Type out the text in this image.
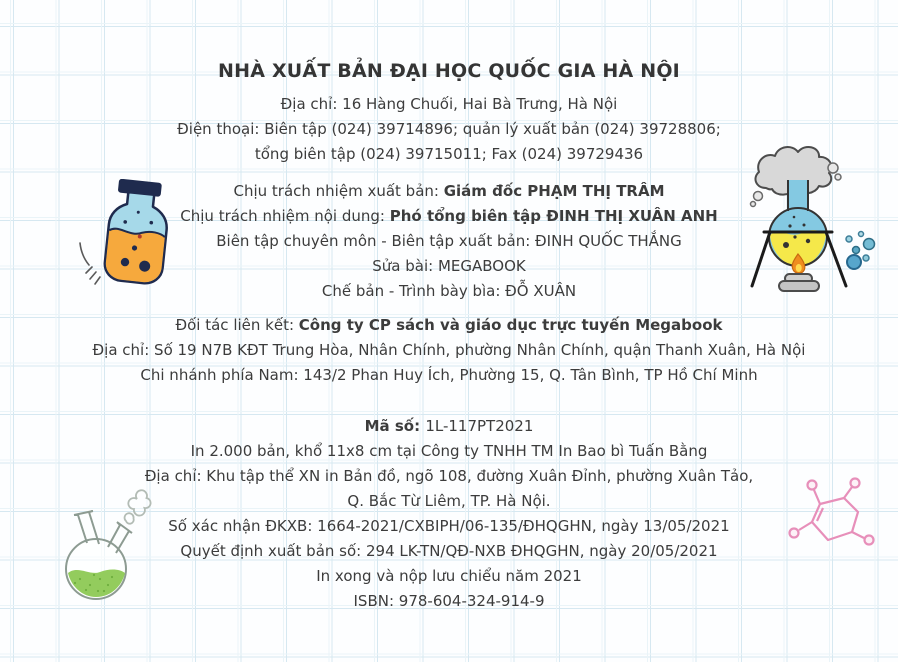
NHÀ XUẤT BẢN ĐẠI HỌC QUỐC GIA HÀ NỘI
Địa chỉ: 16 Hàng Chuối, Hai Bà Trưng, Hà Nội
Điện thoại: Biên tập (024) 39714896; quản lý xuất bản (024) 39728806;
tổng biên tập (024) 39715011; Fax (024) 39729436
Chịu trách nhiệm xuất bản: Giám đốc PHẠM THỊ TRÂM
Chịu trách nhiệm nội dung: Phó tổng biên tập ĐINH THỊ XUÂN ANH
Biên tập chuyên môn - Biên tập xuất bản: ĐINH QUỐC THẮNG
Sửa bài: MEGABOOK
Chế bản - Trình bày bìa: ĐỖ XUÂN
Đối tác liên kết: Công ty CP sách và giáo dục trực tuyến Megabook
Địa chỉ: Số 19 N7B KĐT Trung Hòa, Nhân Chính, phường Nhân Chính, quận Thanh Xuân, Hà Nội
Chi nhánh phía Nam: 143/2 Phan Huy Ích, Phường 15, Q. Tân Bình, TP Hồ Chí Minh
Mã số: 1L-117PT2021
In 2.000 bản, khổ 11x8 cm tại Công ty TNHH TM In Bao bì Tuấn Bằng
Địa chỉ: Khu tập thể XN in Bản đồ, ngõ 108, đường Xuân Đỉnh, phường Xuân Tảo,
Q. Bắc Từ Liêm, TP. Hà Nội.
Số xác nhận ĐKXB: 1664-2021/CXBIPH/06-135/ĐHQGHN, ngày 13/05/2021
Quyết định xuất bản số: 294 LK-TN/QĐ-NXB ĐHQGHN, ngày 20/05/2021
In xong và nộp lưu chiểu năm 2021
ISBN: 978-604-324-914-9
